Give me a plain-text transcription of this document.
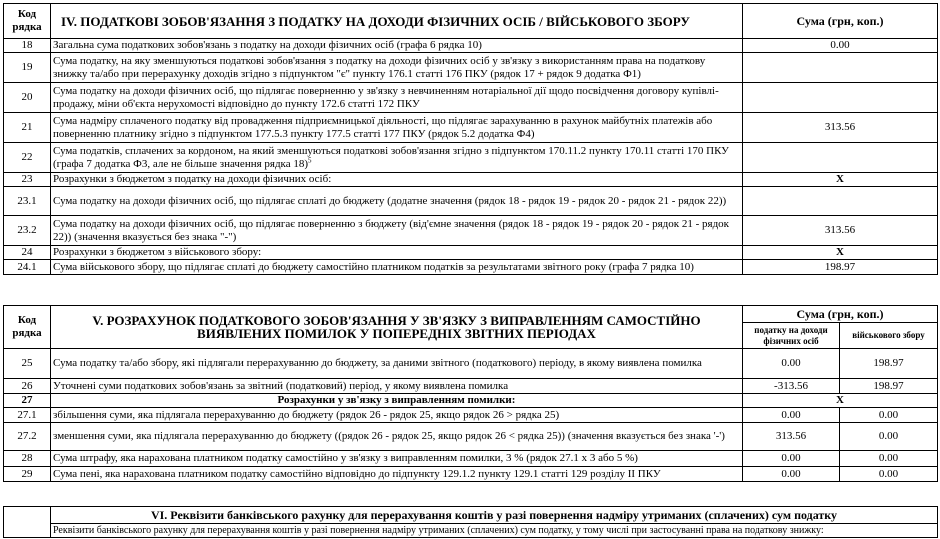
Код рядка	IV. ПОДАТКОВІ ЗОБОВ'ЯЗАННЯ З ПОДАТКУ НА ДОХОДИ ФІЗИЧНИХ ОСІБ / ВІЙСЬКОВОГО ЗБОРУ	Сума (грн, коп.)
18	Загальна сума податкових зобов'язань з податку на доходи фізичних осіб (графа 6 рядка 10)	0.00
19	Сума податку, на яку зменшуються податкові зобов'язання з податку на доходи фізичних осіб у зв'язку з використанням права на податкову знижку та/або при перерахунку доходів згідно з підпунктом "є" пункту 176.1 статті 176 ПКУ (рядок 17 + рядок 9 додатка Ф1)	
20	Сума податку на доходи фізичних осіб, що підлягає поверненню у зв'язку з невчиненням нотаріальної дії щодо посвідчення договору купівлі-продажу, міни об'єкта нерухомості відповідно до пункту 172.6 статті 172 ПКУ	
21	Сума надміру сплаченого податку від провадження підприємницької діяльності, що підлягає зарахуванню в рахунок майбутніх платежів або поверненню платнику згідно з підпунктом 177.5.3 пункту 177.5 статті 177 ПКУ (рядок 5.2 додатка Ф4)	313.56
22	Сума податків, сплачених за кордоном, на який зменшуються податкові зобов'язання згідно з підпунктом 170.11.2 пункту 170.11 статті 170 ПКУ (графа 7 додатка Ф3, але не більше значення рядка 18)$^5$	
23	Розрахунки з бюджетом з податку на доходи фізичних осіб:	X
23.1	Сума податку на доходи фізичних осіб, що підлягає сплаті до бюджету (додатне значення (рядок 18 - рядок 19 - рядок 20 - рядок 21 - рядок 22))	
23.2	Сума податку на доходи фізичних осіб, що підлягає поверненню з бюджету (від'ємне значення (рядок 18 - рядок 19 - рядок 20 - рядок 21 - рядок 22)) (значення вказується без знака "-")	313.56
24	Розрахунки з бюджетом з військового збору:	X
24.1	Сума військового збору, що підлягає сплаті до бюджету самостійно платником податків за результатами звітного року (графа 7 рядка 10)	198.97
Код рядка	V. РОЗРАХУНОК ПОДАТКОВОГО ЗОБОВ'ЯЗАННЯ У ЗВ'ЯЗКУ З ВИПРАВЛЕННЯМ САМОСТІЙНО ВИЯВЛЕНИХ ПОМИЛОК У ПОПЕРЕДНІХ ЗВІТНИХ ПЕРІОДАХ	Сума (грн, коп.)	
		податку на доходи фізичних осіб	військового збору
25	Сума податку та/або збору, які підлягали перерахуванню до бюджету, за даними звітного (податкового) періоду, в якому виявлена помилка	0.00	198.97
26	Уточнені суми податкових зобов'язань за звітний (податковий) період, у якому виявлена помилка	-313.56	198.97
27	Розрахунки у зв'язку з виправленням помилки:	X	
27.1	збільшення суми, яка підлягала перерахуванню до бюджету (рядок 26 - рядок 25, якщо рядок 26 > рядка 25)	0.00	0.00
27.2	зменшення суми, яка підлягала перерахуванню до бюджету ((рядок 26 - рядок 25, якщо рядок 26 < рядка 25)) (значення вказується без знака '-')	313.56	0.00
28	Сума штрафу, яка нарахована платником податку самостійно у зв'язку з виправленням помилки, 3 % (рядок 27.1 х 3 або 5 %)	0.00	0.00
29	Сума пені, яка нарахована платником податку самостійно відповідно до підпункту 129.1.2 пункту 129.1 статті 129 розділу ІІ ПКУ	0.00	0.00
	VI. Реквізити банківського рахунку для перерахування коштів у разі повернення надміру утриманих (сплачених) сум податку
	Реквізити банківського рахунку для перерахування коштів у разі повернення надміру утриманих (сплачених) сум податку, у тому числі при застосуванні права на податкову знижку:
